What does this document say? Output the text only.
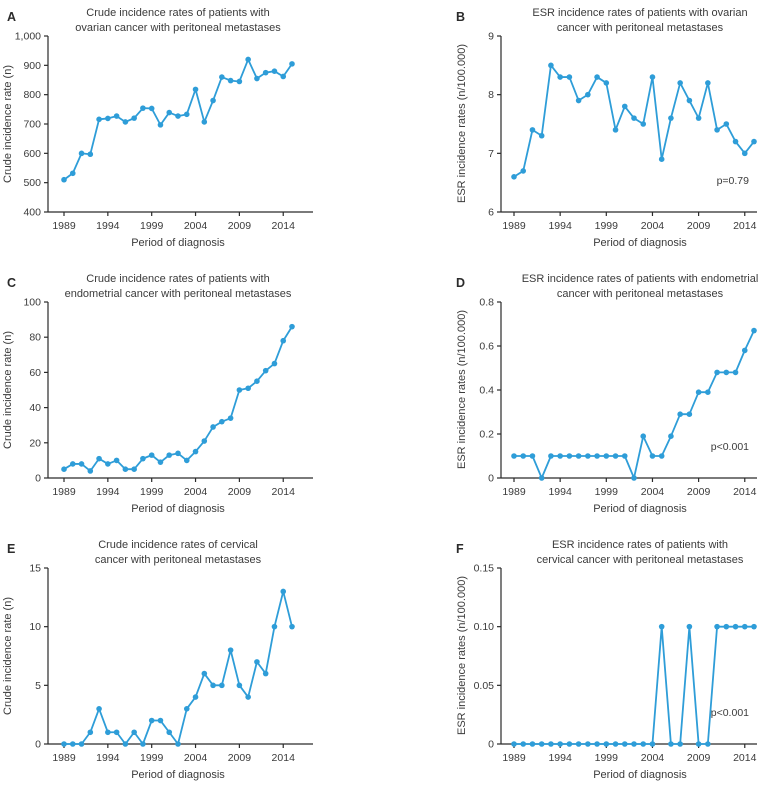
A	Crude incidence rates of patients with
ovarian cancer with peritoneal metastases
Crude incidence rate (n)
400
500
600
700
800
900
1,000
1989 1994 1999 2004 2009 2014
Period of diagnosis
B	ESR incidence rates of patients with ovarian
cancer with peritoneal metastases
ESR incidence rates (n/100.000)
6
7
8
9
1989 1994 1999 2004 2009 2014
p=0.79
Period of diagnosis
C	Crude incidence rates of patients with
endometrial cancer with peritoneal metastases
Crude incidence rate (n)
0
20
40
60
80
100
1989 1994 1999 2004 2009 2014
Period of diagnosis
D	ESR incidence rates of patients with endometrial
cancer with peritoneal metastases
ESR incidence rates (n/100.000)
0
0.2
0.4
0.6
0.8
1989 1994 1999 2004 2009 2014
p<0.001
Period of diagnosis
E	Crude incidence rates of cervical
cancer with peritoneal metastases
Crude incidence rate (n)
0
5
10
15
1989 1994 1999 2004 2009 2014
Period of diagnosis
F	ESR incidence rates of patients with
cervical cancer with peritoneal metastases
ESR incidence rates (n/100.000)
0
0.05
0.10
0.15
1989 1994 1999 2004 2009 2014
p<0.001
Period of diagnosis
